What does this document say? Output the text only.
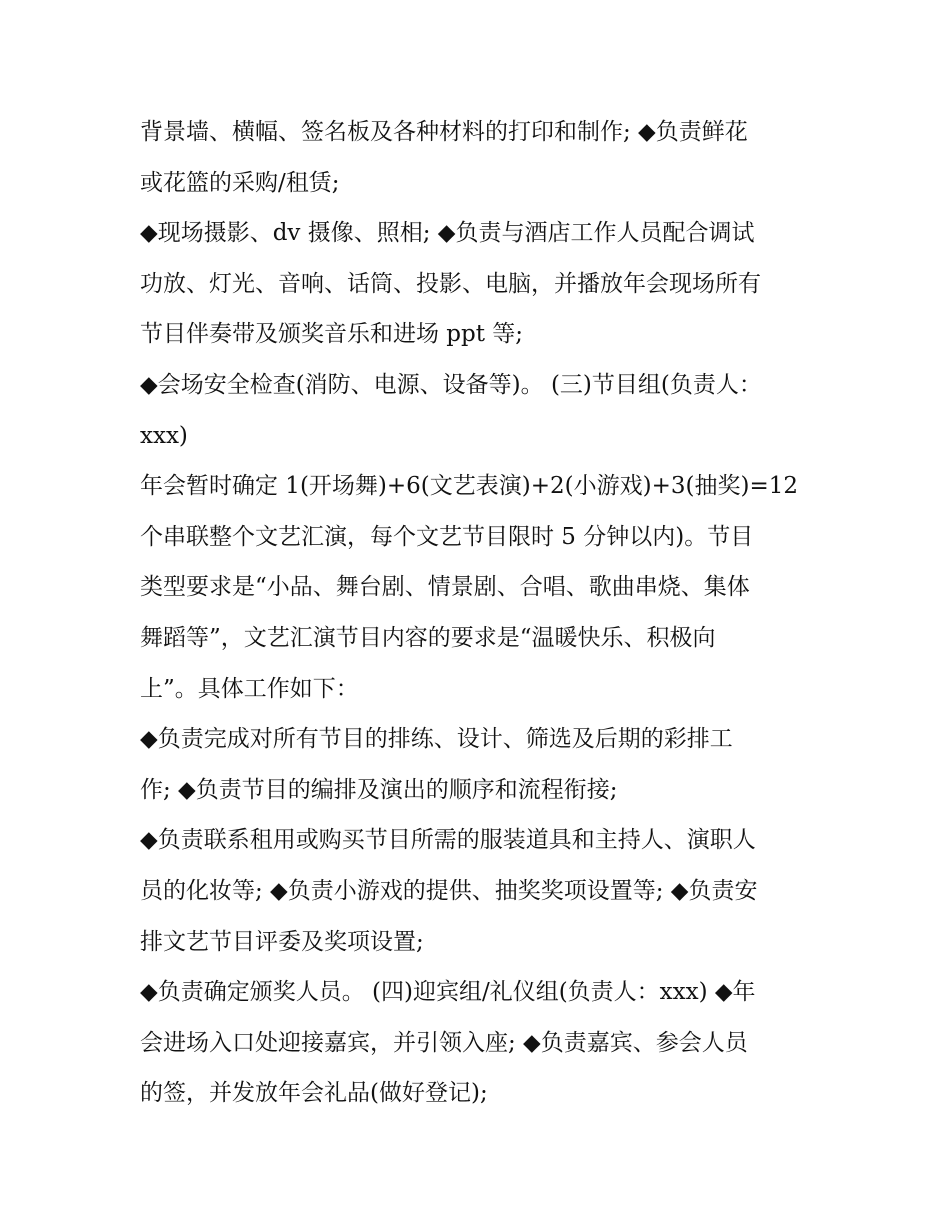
背景墙、横幅、签名板及各种材料的打印和制作; ◆负责鲜花
或花篮的采购/租赁;
◆现场摄影、dv 摄像、照相; ◆负责与酒店工作人员配合调试
功放、灯光、音响、话筒、投影、电脑，并播放年会现场所有
节目伴奏带及颁奖音乐和进场 ppt 等;
◆会场安全检查(消防、电源、设备等)。 (三)节目组(负责人：
xxx)
年会暂时确定 1(开场舞)+6(文艺表演)+2(小游戏)+3(抽奖)=12
个串联整个文艺汇演，每个文艺节目限时 5 分钟以内)。节目
类型要求是“小品、舞台剧、情景剧、合唱、歌曲串烧、集体
舞蹈等”，文艺汇演节目内容的要求是“温暖快乐、积极向
上”。具体工作如下：
◆负责完成对所有节目的排练、设计、筛选及后期的彩排工
作; ◆负责节目的编排及演出的顺序和流程衔接;
◆负责联系租用或购买节目所需的服装道具和主持人、演职人
员的化妆等; ◆负责小游戏的提供、抽奖奖项设置等; ◆负责安
排文艺节目评委及奖项设置;
◆负责确定颁奖人员。 (四)迎宾组/礼仪组(负责人：xxx) ◆年
会进场入口处迎接嘉宾，并引领入座; ◆负责嘉宾、参会人员
的签，并发放年会礼品(做好登记);
